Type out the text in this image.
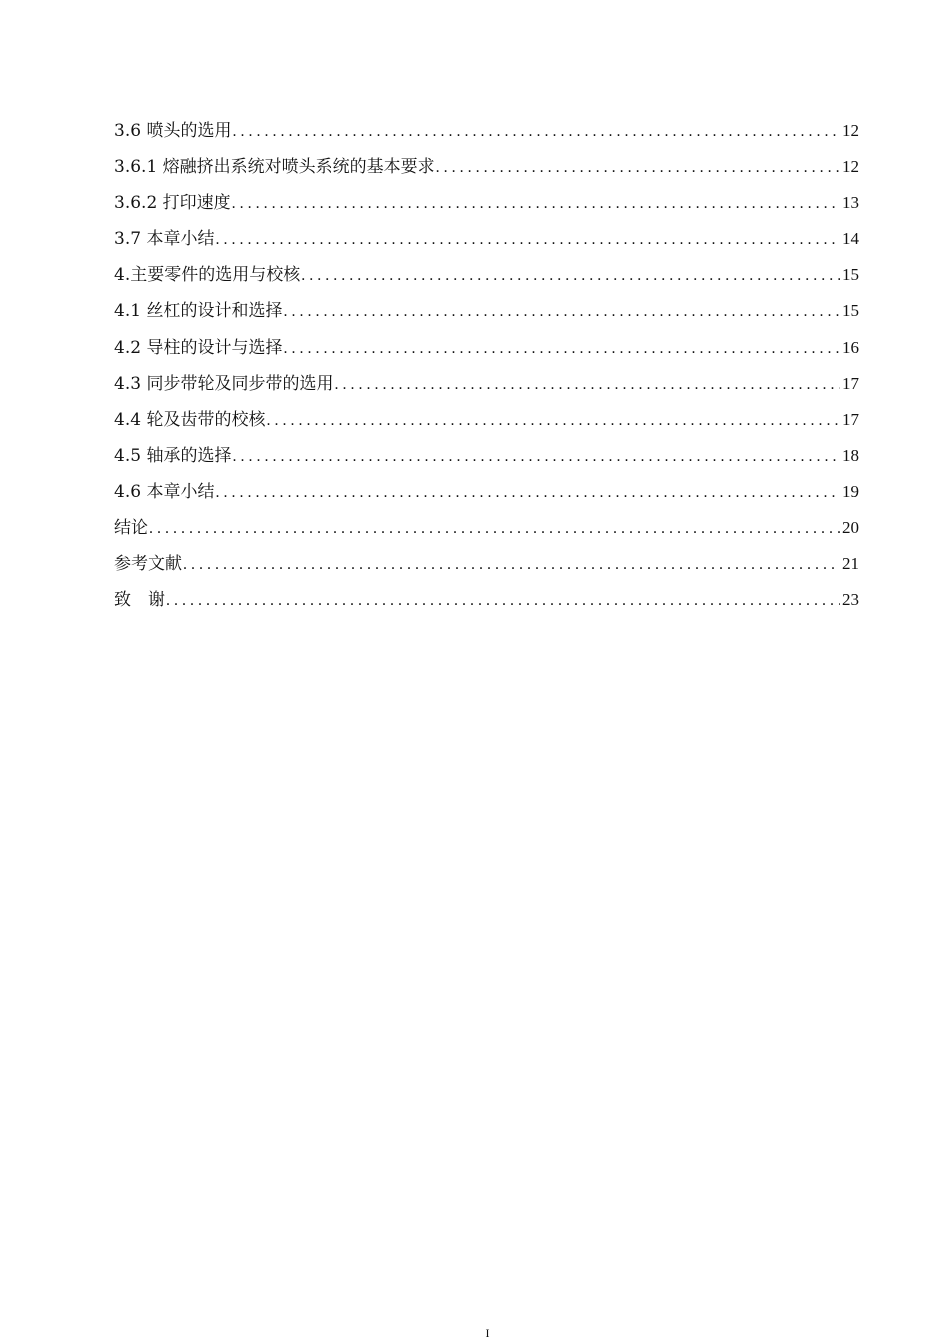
3.6 喷头的选用 . . .	12
3.6.1 熔融挤出系统对喷头系统的基本要求 . . .	12
3.6.2 打印速度 . . .	13
3.7 本章小结 . . .	14
4.主要零件的选用与校核 . . .	15
4.1 丝杠的设计和选择 . . .	15
4.2 导柱的设计与选择 . . .	16
4.3 同步带轮及同步带的选用 . . .	17
4.4 轮及齿带的校核 . . .	17
4.5 轴承的选择 . . .	18
4.6 本章小结 . . .	19
结论 . . .	20
参考文献 . . .	21
致　谢 . . .	23
I
